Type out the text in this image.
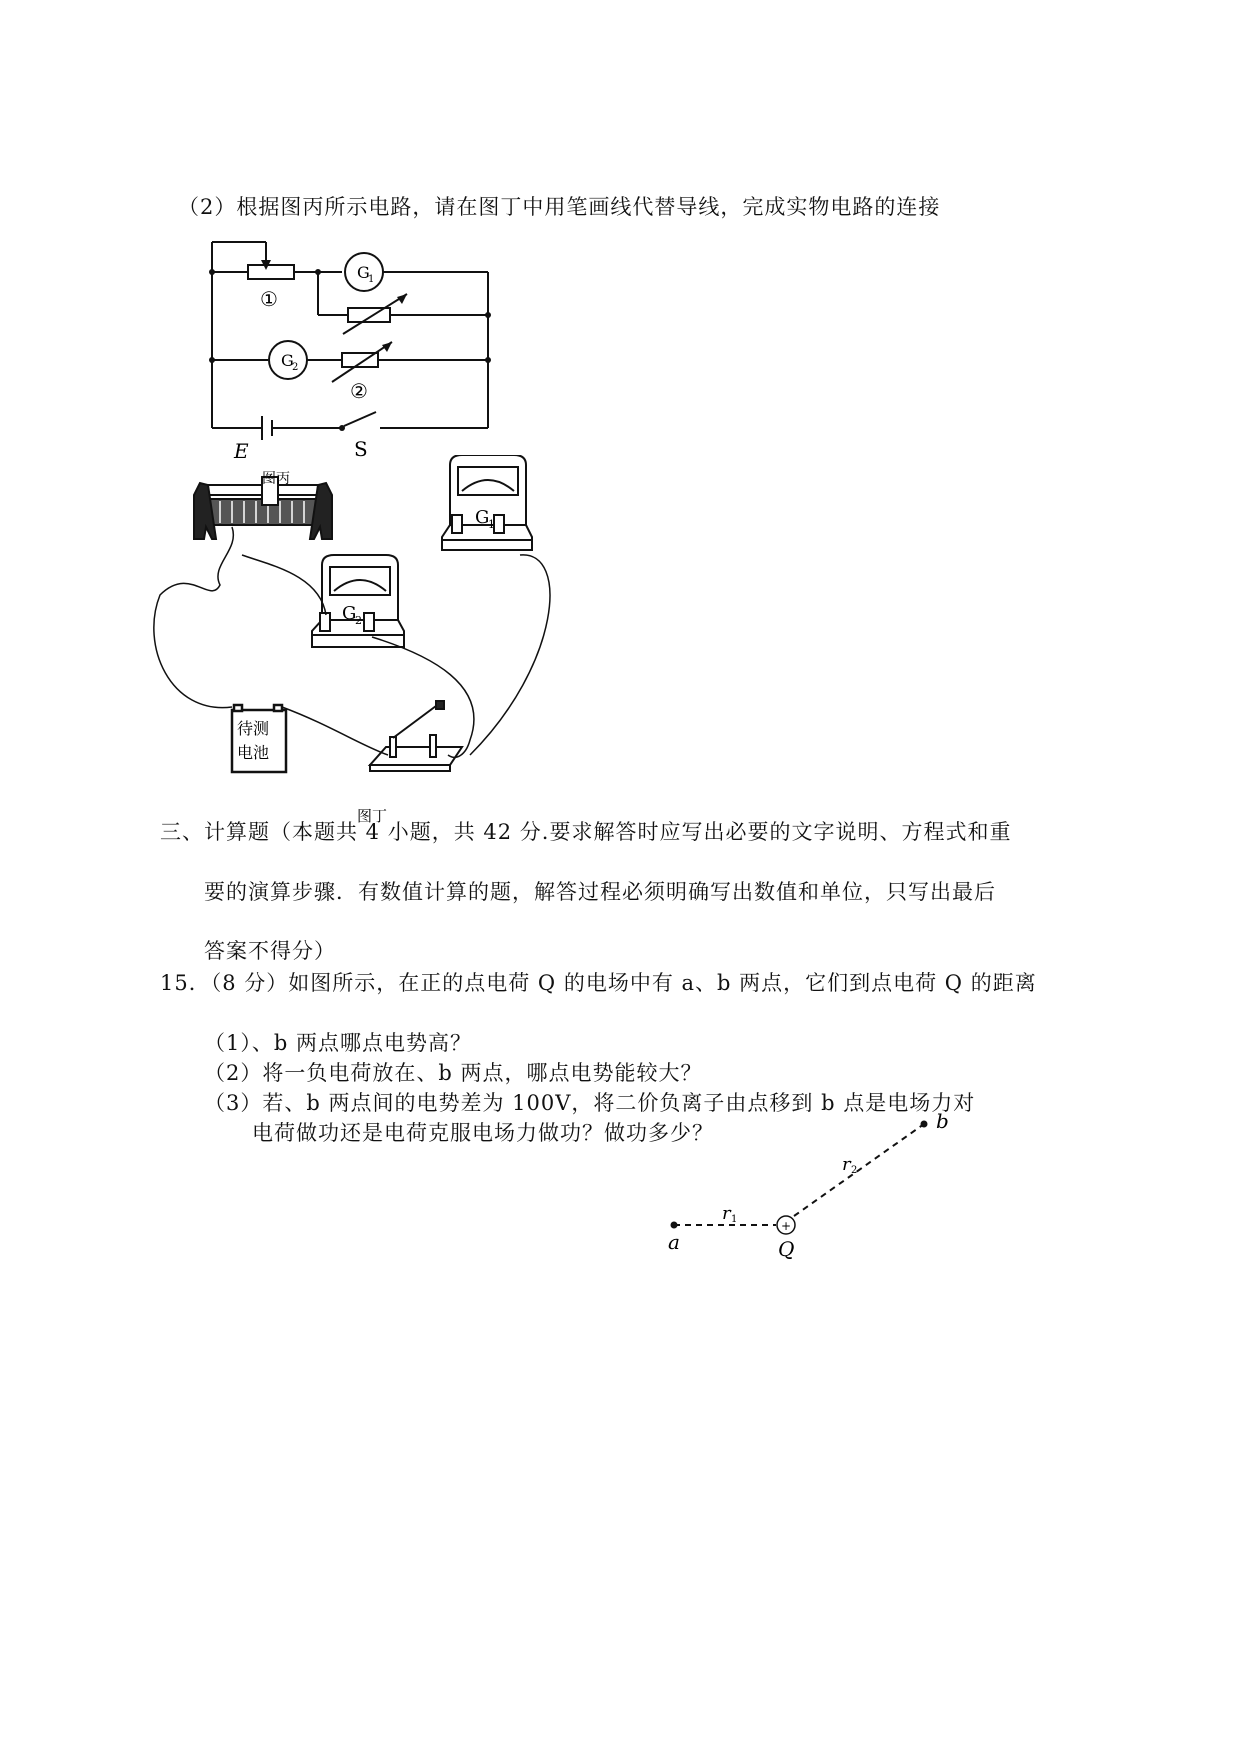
（2）根据图丙所示电路，请在图丁中用笔画线代替导线，完成实物电路的连接
G
1
G
2
①
②
E	S
图丙
G
1
G
2
待测
电池
图丁
三、计算题（本题共 4 小题，共 42 分.要求解答时应写出必要的文字说明、方程式和重
要的演算步骤．有数值计算的题，解答过程必须明确写出数值和单位，只写出最后
答案不得分）
15．（8 分）如图所示，在正的点电荷 Q 的电场中有 a、b 两点，它们到点电荷 Q 的距离
（1）、b 两点哪点电势高？
（2）将一负电荷放在、b 两点，哪点电势能较大？
（3）若、b 两点间的电势差为 100V，将二价负离子由点移到 b 点是电场力对
电荷做功还是电荷克服电场力做功？做功多少？
+
a
b
Q
r 1
r 2
